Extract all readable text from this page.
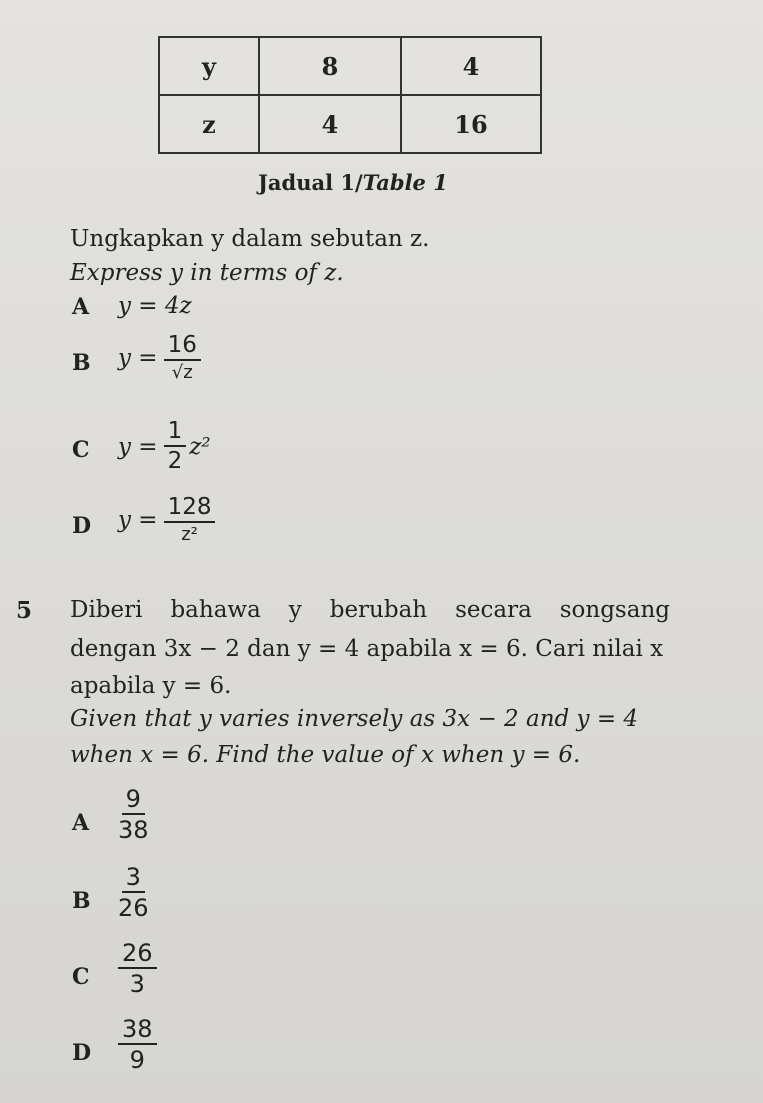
y	8	4
z	4	16
Jadual 1/Table 1
Ungkapkan y dalam sebutan z.
Express y in terms of z.
A y =
4z
B $y = \frac{16}{√z}$
C $y = \frac{1}{2} z^2$
D $y = \frac{128}{\text{z²}}$
5 Diberi bahawa y berubah secara songsang
dengan 3x − 2 dan y = 4 apabila x = 6. Cari nilai x
apabila y = 6.
Given that y varies inversely as 3x − 2 and y = 4
when x = 6. Find the value of x when y = 6.
A $\frac{9}{38}$
B $\frac{3}{26}$
C $\frac{26}{3}$
D $\frac{38}{9}$
